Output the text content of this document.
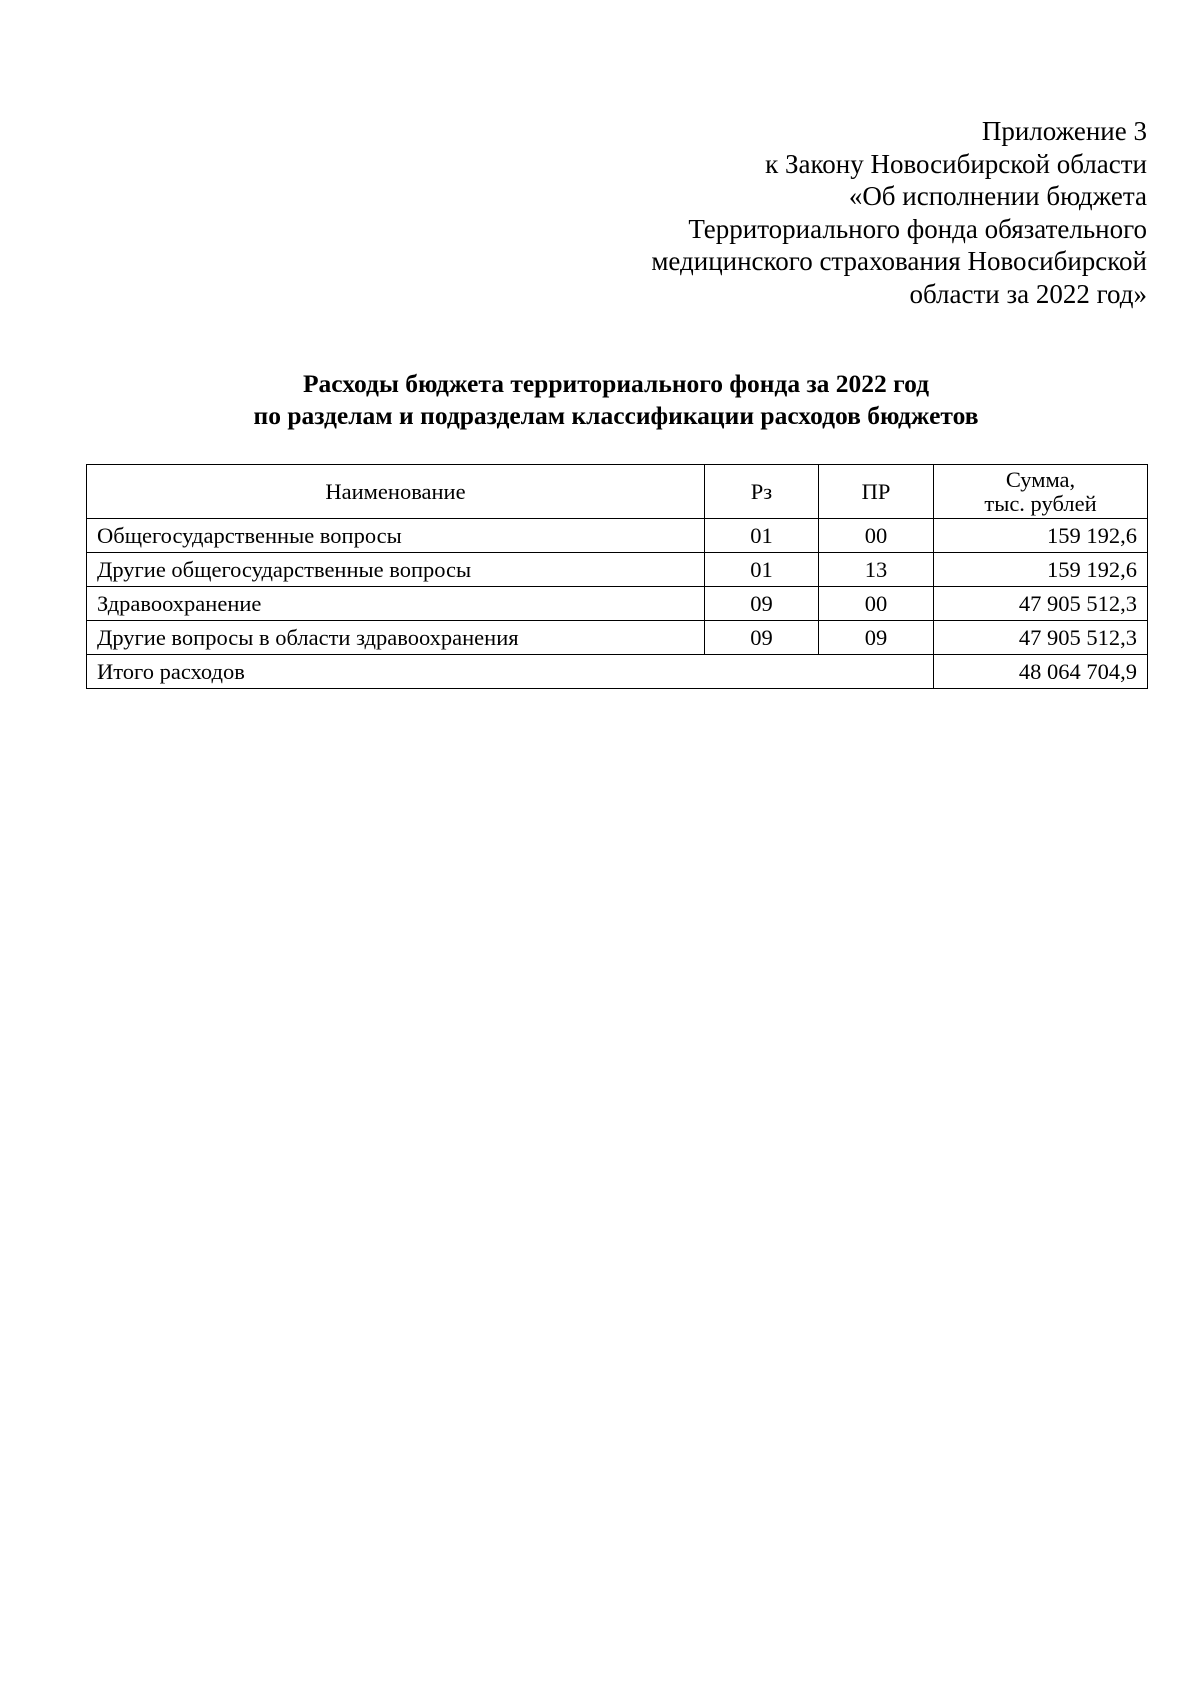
Приложение 3
к Закону Новосибирской области
«Об исполнении бюджета
Территориального фонда обязательного
медицинского страхования Новосибирской
области за 2022 год»
Расходы бюджета территориального фонда за 2022 год
по разделам и подразделам классификации расходов бюджетов
Наименование	Рз	ПР	Сумма,
тыс. рублей

Общегосударственные вопросы	01	00	159 192,6
Другие общегосударственные вопросы	01	13	159 192,6
Здравоохранение	09	00	47 905 512,3
Другие вопросы в области здравоохранения	09	09	47 905 512,3
Итого расходов			48 064 704,9
